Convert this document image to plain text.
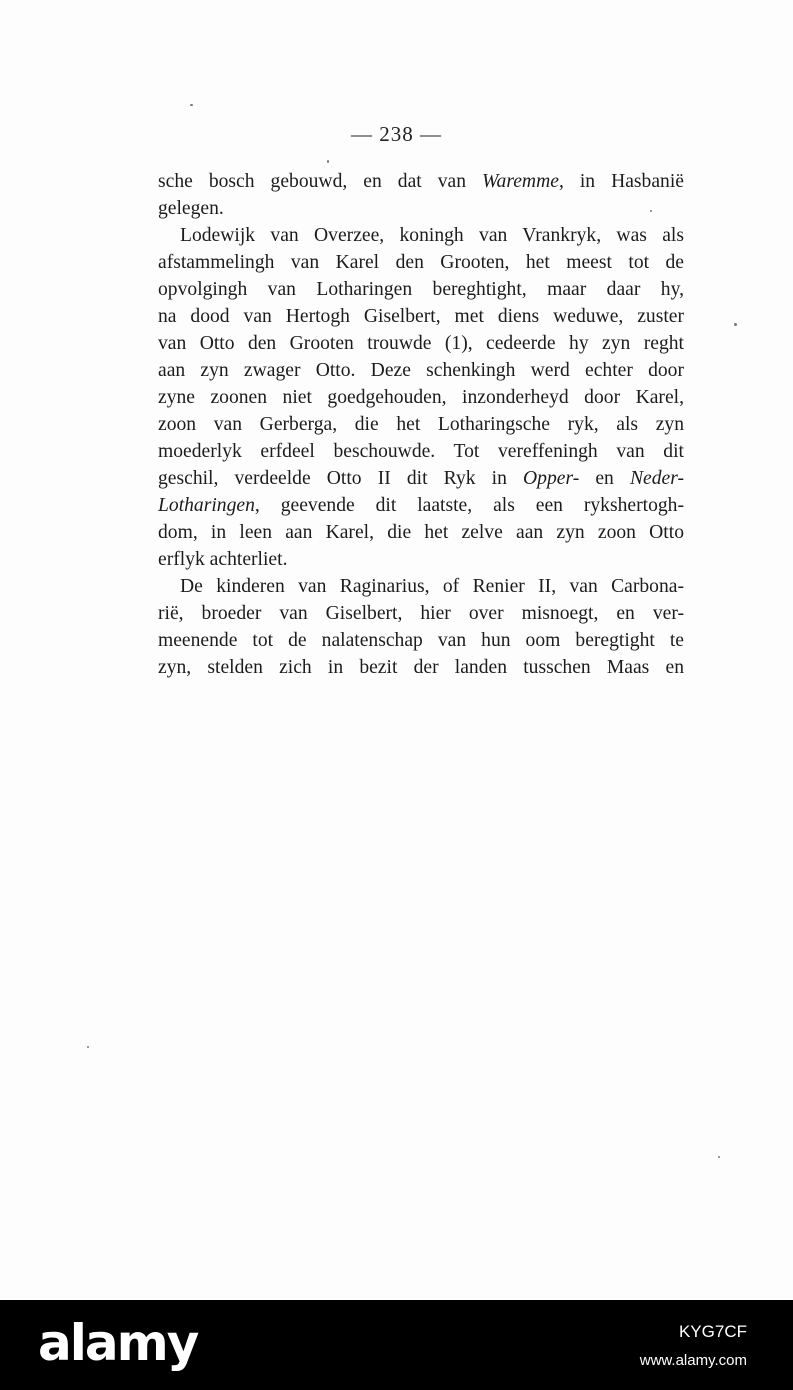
— 238 —
sche bosch gebouwd, en dat van Waremme, in Hasbanië
gelegen.
Lodewijk van Overzee, koningh van Vrankryk, was als
afstammelingh van Karel den Grooten, het meest tot de
opvolgingh van Lotharingen bereghtight, maar daar hy,
na dood van Hertogh Giselbert, met diens weduwe, zuster
van Otto den Grooten trouwde (1), cedeerde hy zyn reght
aan zyn zwager Otto. Deze schenkingh werd echter door
zyne zoonen niet goedgehouden, inzonderheyd door Karel,
zoon van Gerberga, die het Lotharingsche ryk, als zyn
moederlyk erfdeel beschouwde. Tot vereffeningh van dit
geschil, verdeelde Otto II dit Ryk in Opper- en Neder-
Lotharingen, geevende dit laatste, als een rykshertogh-
dom, in leen aan Karel, die het zelve aan zyn zoon Otto
erflyk achterliet.
De kinderen van Raginarius, of Renier II, van Carbona-
rië, broeder van Giselbert, hier over misnoegt, en ver-
meenende tot de nalatenschap van hun oom beregtight te
zyn, stelden zich in bezit der landen tusschen Maas en
alamy	KYG7CF
www.alamy.com
